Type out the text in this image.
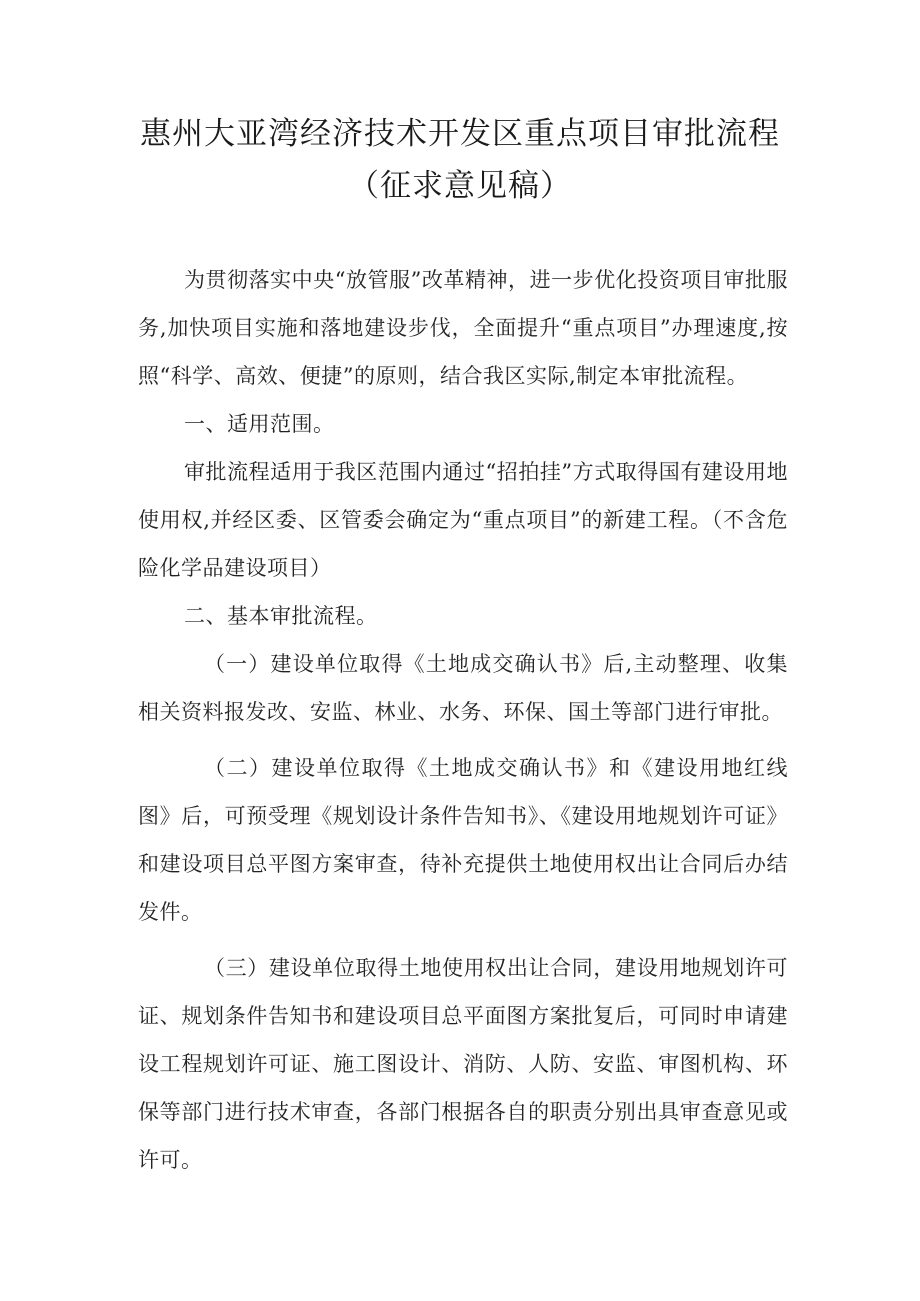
惠州大亚湾经济技术开发区重点项目审批流程（征求意见稿）

为贯彻落实中央“放管服”改革精神，进一步优化投资项目审批服务,加快项目实施和落地建设步伐，全面提升“重点项目”办理速度,按照“科学、高效、便捷”的原则，结合我区实际,制定本审批流程。

一、适用范围。

审批流程适用于我区范围内通过“招拍挂”方式取得国有建设用地使用权,并经区委、区管委会确定为“重点项目”的新建工程。（不含危险化学品建设项目）

二、基本审批流程。

（一）建设单位取得《土地成交确认书》后,主动整理、收集相关资料报发改、安监、林业、水务、环保、国土等部门进行审批。

（二）建设单位取得《土地成交确认书》和《建设用地红线图》后，可预受理《规划设计条件告知书》、《建设用地规划许可证》和建设项目总平图方案审查，待补充提供土地使用权出让合同后办结发件。

（三）建设单位取得土地使用权出让合同，建设用地规划许可证、规划条件告知书和建设项目总平面图方案批复后，可同时申请建设工程规划许可证、施工图设计、消防、人防、安监、审图机构、环保等部门进行技术审查，各部门根据各自的职责分别出具审查意见或许可。
